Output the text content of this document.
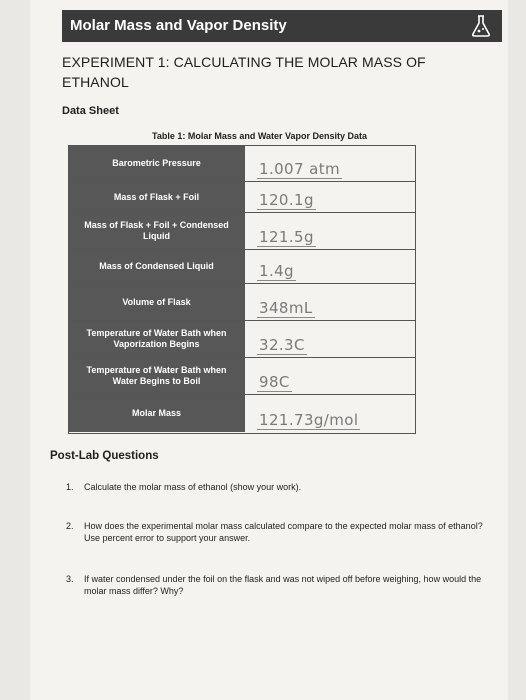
Molar Mass and Vapor Density
EXPERIMENT 1: CALCULATING THE MOLAR MASS OF ETHANOL
Data Sheet
Table 1: Molar Mass and Water Vapor Density Data
Barometric Pressure	1.007 atm
Mass of Flask + Foil	120.1g
Mass of Flask + Foil + Condensed Liquid	121.5g
Mass of Condensed Liquid	1.4g
Volume of Flask	348mL
Temperature of Water Bath when Vaporization Begins	32.3C
Temperature of Water Bath when Water Begins to Boil	98C
Molar Mass	121.73g/mol
Post-Lab Questions
1. Calculate the molar mass of ethanol (show your work).
2. How does the experimental molar mass calculated compare to the expected molar mass of ethanol? Use percent error to support your answer.
3. If water condensed under the foil on the flask and was not wiped off before weighing, how would the molar mass differ? Why?
